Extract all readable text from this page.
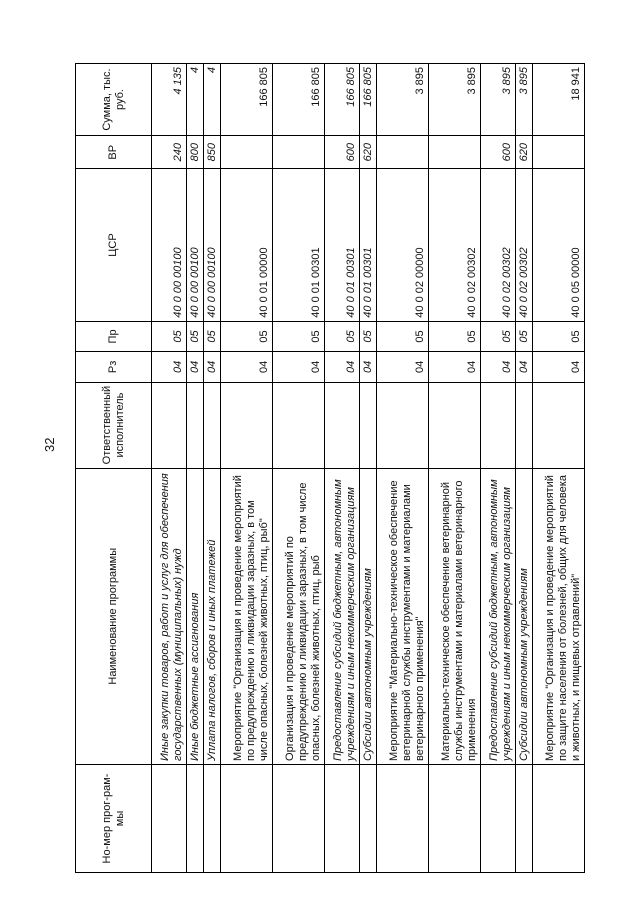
32
Но-мер прог-рам-мы	Наименование программы	Ответственный исполнитель	Рз	Пр	ЦСР	ВР	Сумма, тыс. руб.
	Иные закупки товаров, работ и услуг для обеспечения государственных (муниципальных) нужд		04	05	40 0 00 00100	240	4 135
	Иные бюджетные ассигнования		04	05	40 0 00 00100	800	4
	Уплата налогов, сборов и иных платежей		04	05	40 0 00 00100	850	4
	Мероприятие "Организация и проведение мероприятий по предупреждению и ликвидации заразных, в том числе опасных, болезней животных, птиц, рыб"		04	05	40 0 01 00000		166 805
	Организация и проведение мероприятий по предупреждению и ликвидации заразных, в том числе опасных, болезней животных, птиц, рыб		04	05	40 0 01 00301		166 805
	Предоставление субсидий бюджетным, автономным учреждениям и иным некоммерческим организациям		04	05	40 0 01 00301	600	166 805
	Субсидии автономным учреждениям		04	05	40 0 01 00301	620	166 805
	Мероприятие "Материально-техническое обеспечение ветеринарной службы инструментами и материалами ветеринарного применения"		04	05	40 0 02 00000		3 895
	Материально-техническое обеспечение ветеринарной службы инструментами и материалами ветеринарного применения		04	05	40 0 02 00302		3 895
	Предоставление субсидий бюджетным, автономным учреждениям и иным некоммерческим организациям		04	05	40 0 02 00302	600	3 895
	Субсидии автономным учреждениям		04	05	40 0 02 00302	620	3 895
	Мероприятие "Организация и проведение мероприятий по защите населения от болезней, общих для человека и животных, и пищевых отравлений"		04	05	40 0 05 00000		18 941
